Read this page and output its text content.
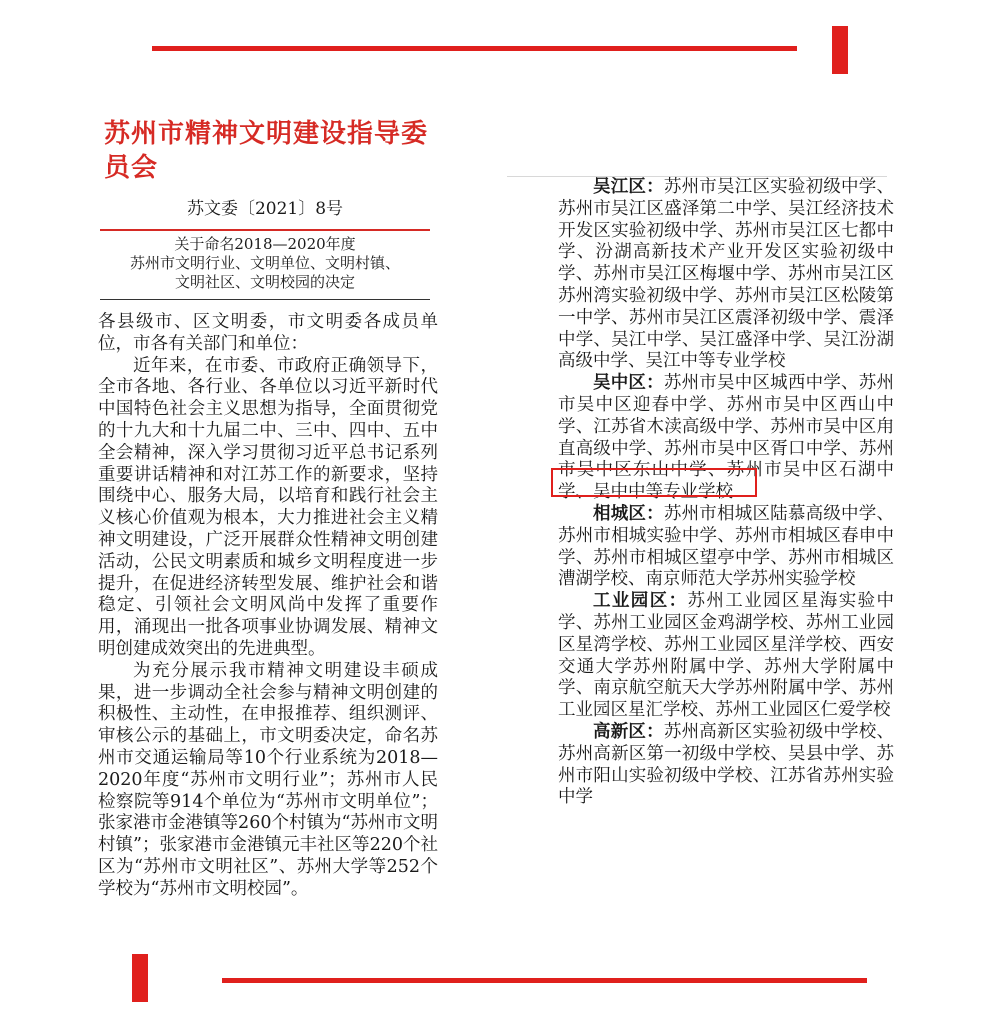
苏州市精神文明建设指导委员会
苏文委〔2021〕8号
关于命名2018—2020年度
苏州市文明行业、文明单位、文明村镇、
文明社区、文明校园的决定

各县级市、区文明委，市文明委各成员单位，市各有关部门和单位：

近年来，在市委、市政府正确领导下，全市各地、各行业、各单位以习近平新时代中国特色社会主义思想为指导，全面贯彻党的十九大和十九届二中、三中、四中、五中全会精神，深入学习贯彻习近平总书记系列重要讲话精神和对江苏工作的新要求，坚持围绕中心、服务大局，以培育和践行社会主义核心价值观为根本，大力推进社会主义精神文明建设，广泛开展群众性精神文明创建活动，公民文明素质和城乡文明程度进一步提升，在促进经济转型发展、维护社会和谐稳定、引领社会文明风尚中发挥了重要作用，涌现出一批各项事业协调发展、精神文明创建成效突出的先进典型。

为充分展示我市精神文明建设丰硕成果，进一步调动全社会参与精神文明创建的积极性、主动性，在申报推荐、组织测评、审核公示的基础上，市文明委决定，命名苏州市交通运输局等10个行业系统为2018—2020年度“苏州市文明行业”；苏州市人民检察院等914个单位为“苏州市文明单位”；张家港市金港镇等260个村镇为“苏州市文明村镇”；张家港市金港镇元丰社区等220个社区为“苏州市文明社区”、苏州大学等252个学校为“苏州市文明校园”。

吴江区：苏州市吴江区实验初级中学、苏州市吴江区盛泽第二中学、吴江经济技术开发区实验初级中学、苏州市吴江区七都中学、汾湖高新技术产业开发区实验初级中学、苏州市吴江区梅堰中学、苏州市吴江区苏州湾实验初级中学、苏州市吴江区松陵第一中学、苏州市吴江区震泽初级中学、震泽中学、吴江中学、吴江盛泽中学、吴江汾湖高级中学、吴江中等专业学校

吴中区：苏州市吴中区城西中学、苏州市吴中区迎春中学、苏州市吴中区西山中学、江苏省木渎高级中学、苏州市吴中区甪直高级中学、苏州市吴中区胥口中学、苏州市吴中区东山中学、苏州市吴中区石湖中学、吴中中等专业学校

相城区：苏州市相城区陆慕高级中学、苏州市相城实验中学、苏州市相城区春申中学、苏州市相城区望亭中学、苏州市相城区漕湖学校、南京师范大学苏州实验学校

工业园区：苏州工业园区星海实验中学、苏州工业园区金鸡湖学校、苏州工业园区星湾学校、苏州工业园区星洋学校、西安交通大学苏州附属中学、苏州大学附属中学、南京航空航天大学苏州附属中学、苏州工业园区星汇学校、苏州工业园区仁爱学校

高新区：苏州高新区实验初级中学校、苏州高新区第一初级中学校、吴县中学、苏州市阳山实验初级中学校、江苏省苏州实验中学
